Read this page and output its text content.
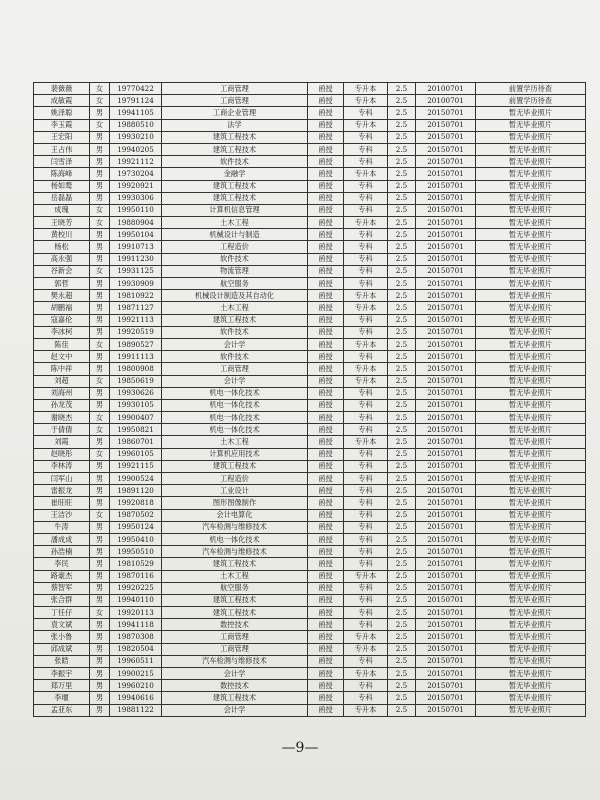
裴薇薇	女	19770422	工商管理	函授	专升本	2.5	20100701	前置学历待查
成敏霞	女	19791124	工商管理	函授	专升本	2.5	20100701	前置学历待查
姚泽聪	男	19941105	工商企业管理	函授	专科	2.5	20150701	暂无毕业照片
李玉霞	女	19880510	法学	函授	专升本	2.5	20150701	暂无毕业照片
王宏阳	男	19930210	建筑工程技术	函授	专科	2.5	20150701	暂无毕业照片
王占伟	男	19940205	建筑工程技术	函授	专科	2.5	20150701	暂无毕业照片
闫雪泽	男	19921112	软件技术	函授	专科	2.5	20150701	暂无毕业照片
陈海峰	男	19730204	金融学	函授	专升本	2.5	20150701	暂无毕业照片
杨如鹜	男	19920921	建筑工程技术	函授	专科	2.5	20150701	暂无毕业照片
岳磊磊	男	19930306	建筑工程技术	函授	专科	2.5	20150701	暂无毕业照片
成瑰	女	19950110	计算机信息管理	函授	专科	2.5	20150701	暂无毕业照片
王晓芳	女	19880904	土木工程	函授	专升本	2.5	20150701	暂无毕业照片
黄校川	男	19950104	机械设计与制造	函授	专科	2.5	20150701	暂无毕业照片
杨松	男	19910713	工程造价	函授	专科	2.5	20150701	暂无毕业照片
高永强	男	19911230	软件技术	函授	专科	2.5	20150701	暂无毕业照片
谷新会	女	19931125	物流管理	函授	专科	2.5	20150701	暂无毕业照片
郭哲	男	19930909	航空服务	函授	专科	2.5	20150701	暂无毕业照片
樊永超	男	19810922	机械设计制造及其自动化	函授	专升本	2.5	20150701	暂无毕业照片
胡鹏福	男	19871127	土木工程	函授	专升本	2.5	20150701	暂无毕业照片
寇嘉伦	男	19921113	建筑工程技术	函授	专科	2.5	20150701	暂无毕业照片
李冰柯	男	19920519	软件技术	函授	专科	2.5	20150701	暂无毕业照片
陈佳	女	19890527	会计学	函授	专升本	2.5	20150701	暂无毕业照片
赵文中	男	19911113	软件技术	函授	专科	2.5	20150701	暂无毕业照片
陈中祥	男	19800908	工商管理	函授	专升本	2.5	20150701	暂无毕业照片
刘超	女	19850619	会计学	函授	专升本	2.5	20150701	暂无毕业照片
刘海州	男	19930626	机电一体化技术	函授	专科	2.5	20150701	暂无毕业照片
孙龙茂	男	19930105	机电一体化技术	函授	专科	2.5	20150701	暂无毕业照片
谢晓杰	女	19900407	机电一体化技术	函授	专科	2.5	20150701	暂无毕业照片
于倩倩	女	19950821	机电一体化技术	函授	专科	2.5	20150701	暂无毕业照片
刘霞	男	19860701	土木工程	函授	专升本	2.5	20150701	暂无毕业照片
赵晓彤	女	19960105	计算机应用技术	函授	专科	2.5	20150701	暂无毕业照片
李林涛	男	19921115	建筑工程技术	函授	专科	2.5	20150701	暂无毕业照片
闫军山	男	19900524	工程造价	函授	专科	2.5	20150701	暂无毕业照片
雷振龙	男	19891120	工业设计	函授	专科	2.5	20150701	暂无毕业照片
崔旺旺	男	19920818	图形图像制作	函授	专科	2.5	20150701	暂无毕业照片
王洁沙	女	19870502	会计电算化	函授	专科	2.5	20150701	暂无毕业照片
牛涛	男	19950124	汽车检测与维修技术	函授	专科	2.5	20150701	暂无毕业照片
潘成成	男	19950410	机电一体化技术	函授	专科	2.5	20150701	暂无毕业照片
孙浩楠	男	19950510	汽车检测与维修技术	函授	专科	2.5	20150701	暂无毕业照片
李民	男	19810529	建筑工程技术	函授	专科	2.5	20150701	暂无毕业照片
路豪杰	男	19870116	土木工程	函授	专升本	2.5	20150701	暂无毕业照片
蔡智军	男	19920225	航空服务	函授	专科	2.5	20150701	暂无毕业照片
张合群	男	19940110	建筑工程技术	函授	专科	2.5	20150701	暂无毕业照片
丁任仔	女	19920113	建筑工程技术	函授	专科	2.5	20150701	暂无毕业照片
袁文斌	男	19941118	数控技术	函授	专科	2.5	20150701	暂无毕业照片
张小鲁	男	19870308	工商管理	函授	专升本	2.5	20150701	暂无毕业照片
邱成斌	男	19820504	工商管理	函授	专升本	2.5	20150701	暂无毕业照片
张皓	男	19960511	汽车检测与维修技术	函授	专科	2.5	20150701	暂无毕业照片
李振宇	男	19900215	会计学	函授	专升本	2.5	20150701	暂无毕业照片
郑万里	男	19960210	数控技术	函授	专科	2.5	20150701	暂无毕业照片
李堰	男	19940616	建筑工程技术	函授	专科	2.5	20150701	暂无毕业照片
孟亚东	男	19881122	会计学	函授	专升本	2.5	20150701	暂无毕业照片
—9—
